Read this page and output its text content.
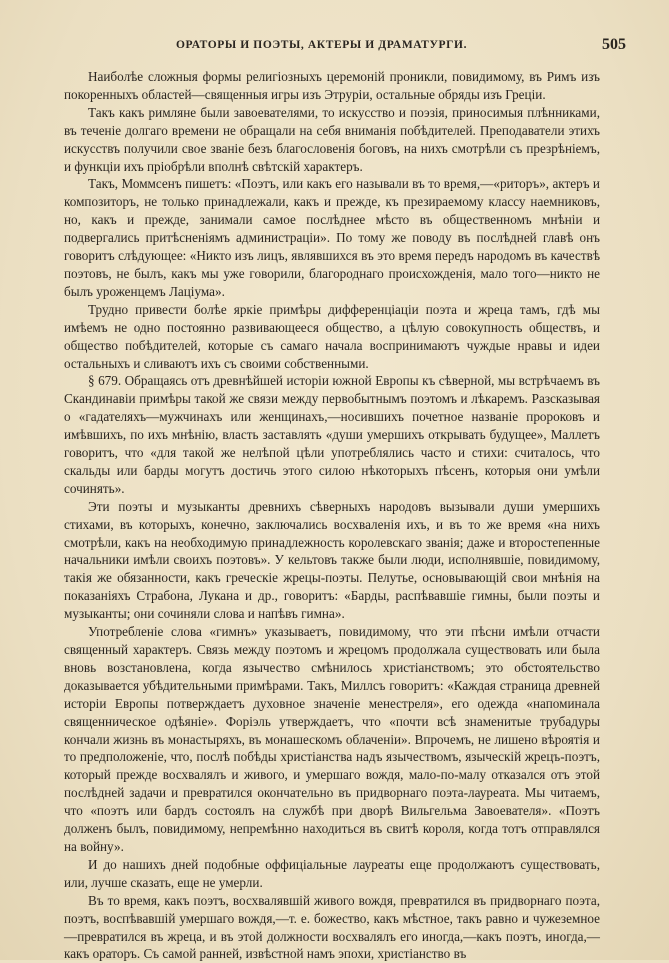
ОРАТОРЫ И ПОЭТЫ, АКТЕРЫ И ДРАМАТУРГИ.	505

Наиболѣе сложныя формы религіозныхъ церемоній проникли, повидимому, въ Римъ изъ покоренныхъ областей—священныя игры изъ Этруріи, остальные обряды изъ Греціи.

Такъ какъ римляне были завоевателями, то искусство и поэзія, приносимыя плѣнниками, въ теченіе долгаго времени не обращали на себя вниманія побѣдителей. Преподаватели этихъ искусствъ получили свое званіе безъ благословенія боговъ, на нихъ смотрѣли съ презрѣніемъ, и функціи ихъ пріобрѣли вполнѣ свѣтскій характеръ.

Такъ, Моммсенъ пишетъ: «Поэтъ, или какъ его называли въ то время,—«риторъ», актеръ и композиторъ, не только принадлежали, какъ и прежде, къ презираемому классу наемниковъ, но, какъ и прежде, занимали самое послѣднее мѣсто въ общественномъ мнѣніи и подвергались притѣсненіямъ администраціи». По тому же поводу въ послѣдней главѣ онъ говоритъ слѣдующее: «Никто изъ лицъ, являвшихся въ это время передъ народомъ въ качествѣ поэтовъ, не былъ, какъ мы уже говорили, благороднаго происхожденія, мало того—никто не былъ уроженцемъ Лаціума».

Трудно привести болѣе яркіе примѣры дифференціаціи поэта и жреца тамъ, гдѣ мы имѣемъ не одно постоянно развивающееся общество, а цѣлую совокупность обществъ, и общество побѣдителей, которые съ самаго начала воспринимаютъ чуждые нравы и идеи остальныхъ и сливаютъ ихъ съ своими собственными.

§ 679. Обращаясь отъ древнѣйшей исторіи южной Европы къ сѣверной, мы встрѣчаемъ въ Скандинавіи примѣры такой же связи между первобытнымъ поэтомъ и лѣкаремъ. Разсказывая о «гадателяхъ—мужчинахъ или женщинахъ,—носившихъ почетное названіе пророковъ и имѣвшихъ, по ихъ мнѣнію, власть заставлять «души умершихъ открывать будущее», Маллетъ говоритъ, что «для такой же нелѣпой цѣли употреблялись часто и стихи: считалось, что скальды или барды могутъ достичь этого силою нѣкоторыхъ пѣсенъ, которыя они умѣли сочинять».

Эти поэты и музыканты древнихъ сѣверныхъ народовъ вызывали души умершихъ стихами, въ которыхъ, конечно, заключались восхваленія ихъ, и въ то же время «на нихъ смотрѣли, какъ на необходимую принадлежность королевскаго званія; даже и второстепенные начальники имѣли своихъ поэтовъ». У кельтовъ также были люди, исполнявшіе, повидимому, такія же обязанности, какъ греческіе жрецы-поэты. Пелутье, основывающій свои мнѣнія на показаніяхъ Страбона, Лукана и др., говоритъ: «Барды, распѣвавшіе гимны, были поэты и музыканты; они сочиняли слова и напѣвъ гимна».

Употребленіе слова «гимнъ» указываетъ, повидимому, что эти пѣсни имѣли отчасти священный характеръ. Связь между поэтомъ и жрецомъ продолжала существовать или была вновь возстановлена, когда язычество смѣнилось христіанствомъ; это обстоятельство доказывается убѣдительными примѣрами. Такъ, Миллсъ говоритъ: «Каждая страница древней исторіи Европы потверждаетъ духовное значеніе менестреля», его одежда «напоминала священническое одѣяніе». Форіэль утверждаетъ, что «почти всѣ знаменитые трубадуры кончали жизнь въ монастыряхъ, въ монашескомъ облаченіи». Впрочемъ, не лишено вѣроятія и то предположеніе, что, послѣ побѣды христіанства надъ язычествомъ, языческій жрецъ-поэтъ, который прежде восхвалялъ и живого, и умершаго вождя, мало-по-малу отказался отъ этой послѣдней задачи и превратился окончательно въ придворнаго поэта-лауреата. Мы читаемъ, что «поэтъ или бардъ состоялъ на службѣ при дворѣ Вильгельма Завоевателя». «Поэтъ долженъ былъ, повидимому, непремѣнно находиться въ свитѣ короля, когда тотъ отправлялся на войну».

И до нашихъ дней подобные оффиціальные лауреаты еще продолжаютъ существовать, или, лучше сказать, еще не умерли.

Въ то время, какъ поэтъ, восхвалявшій живого вождя, превратился въ придворнаго поэта, поэтъ, воспѣвавшій умершаго вождя,—т. е. божество, какъ мѣстное, такъ равно и чужеземное—превратился въ жреца, и въ этой должности восхвалялъ его иногда,—какъ поэтъ, иногда,—какъ ораторъ. Съ самой ранней, извѣстной намъ эпохи, христіанство въ
